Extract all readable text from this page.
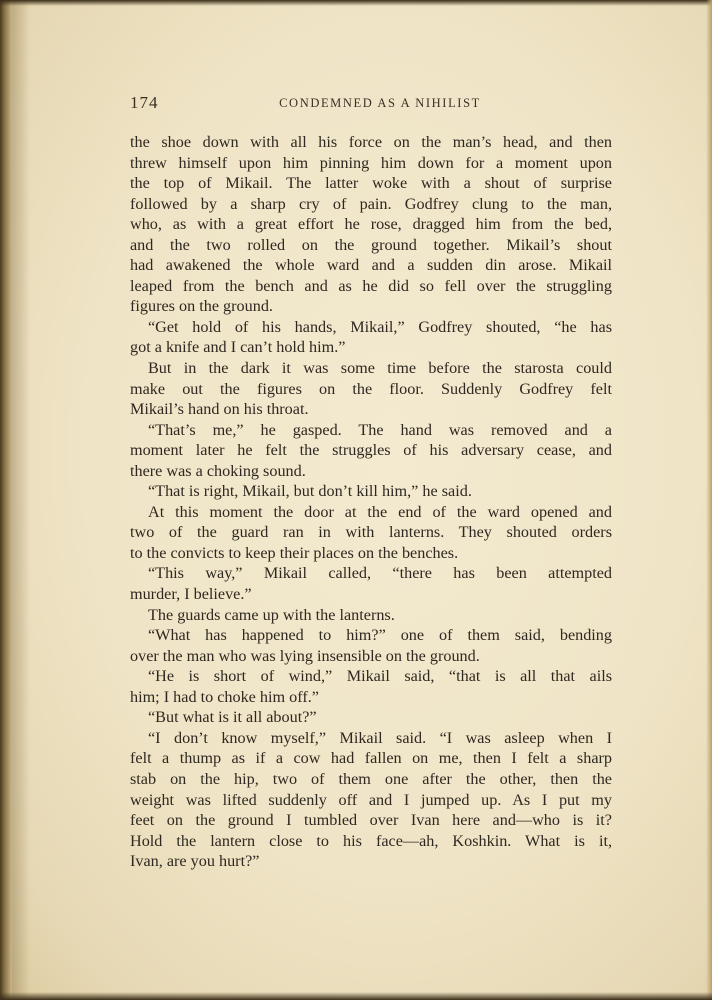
174	CONDEMNED AS A NIHILIST
the shoe down with all his force on the man’s head, and then
threw himself upon him pinning him down for a moment upon
the top of Mikail. The latter woke with a shout of surprise
followed by a sharp cry of pain. Godfrey clung to the man,
who, as with a great effort he rose, dragged him from the bed,
and the two rolled on the ground together. Mikail’s shout
had awakened the whole ward and a sudden din arose. Mikail
leaped from the bench and as he did so fell over the struggling
figures on the ground.
“Get hold of his hands, Mikail,” Godfrey shouted, “he has
got a knife and I can’t hold him.”
But in the dark it was some time before the starosta could
make out the figures on the floor. Suddenly Godfrey felt
Mikail’s hand on his throat.
“That’s me,” he gasped. The hand was removed and a
moment later he felt the struggles of his adversary cease, and
there was a choking sound.
“That is right, Mikail, but don’t kill him,” he said.
At this moment the door at the end of the ward opened and
two of the guard ran in with lanterns. They shouted orders
to the convicts to keep their places on the benches.
“This way,” Mikail called, “there has been attempted
murder, I believe.”
The guards came up with the lanterns.
“What has happened to him?” one of them said, bending
over the man who was lying insensible on the ground.
“He is short of wind,” Mikail said, “that is all that ails
him; I had to choke him off.”
“But what is it all about?”
“I don’t know myself,” Mikail said. “I was asleep when I
felt a thump as if a cow had fallen on me, then I felt a sharp
stab on the hip, two of them one after the other, then the
weight was lifted suddenly off and I jumped up. As I put my
feet on the ground I tumbled over Ivan here and—who is it?
Hold the lantern close to his face—ah, Koshkin. What is it,
Ivan, are you hurt?”
